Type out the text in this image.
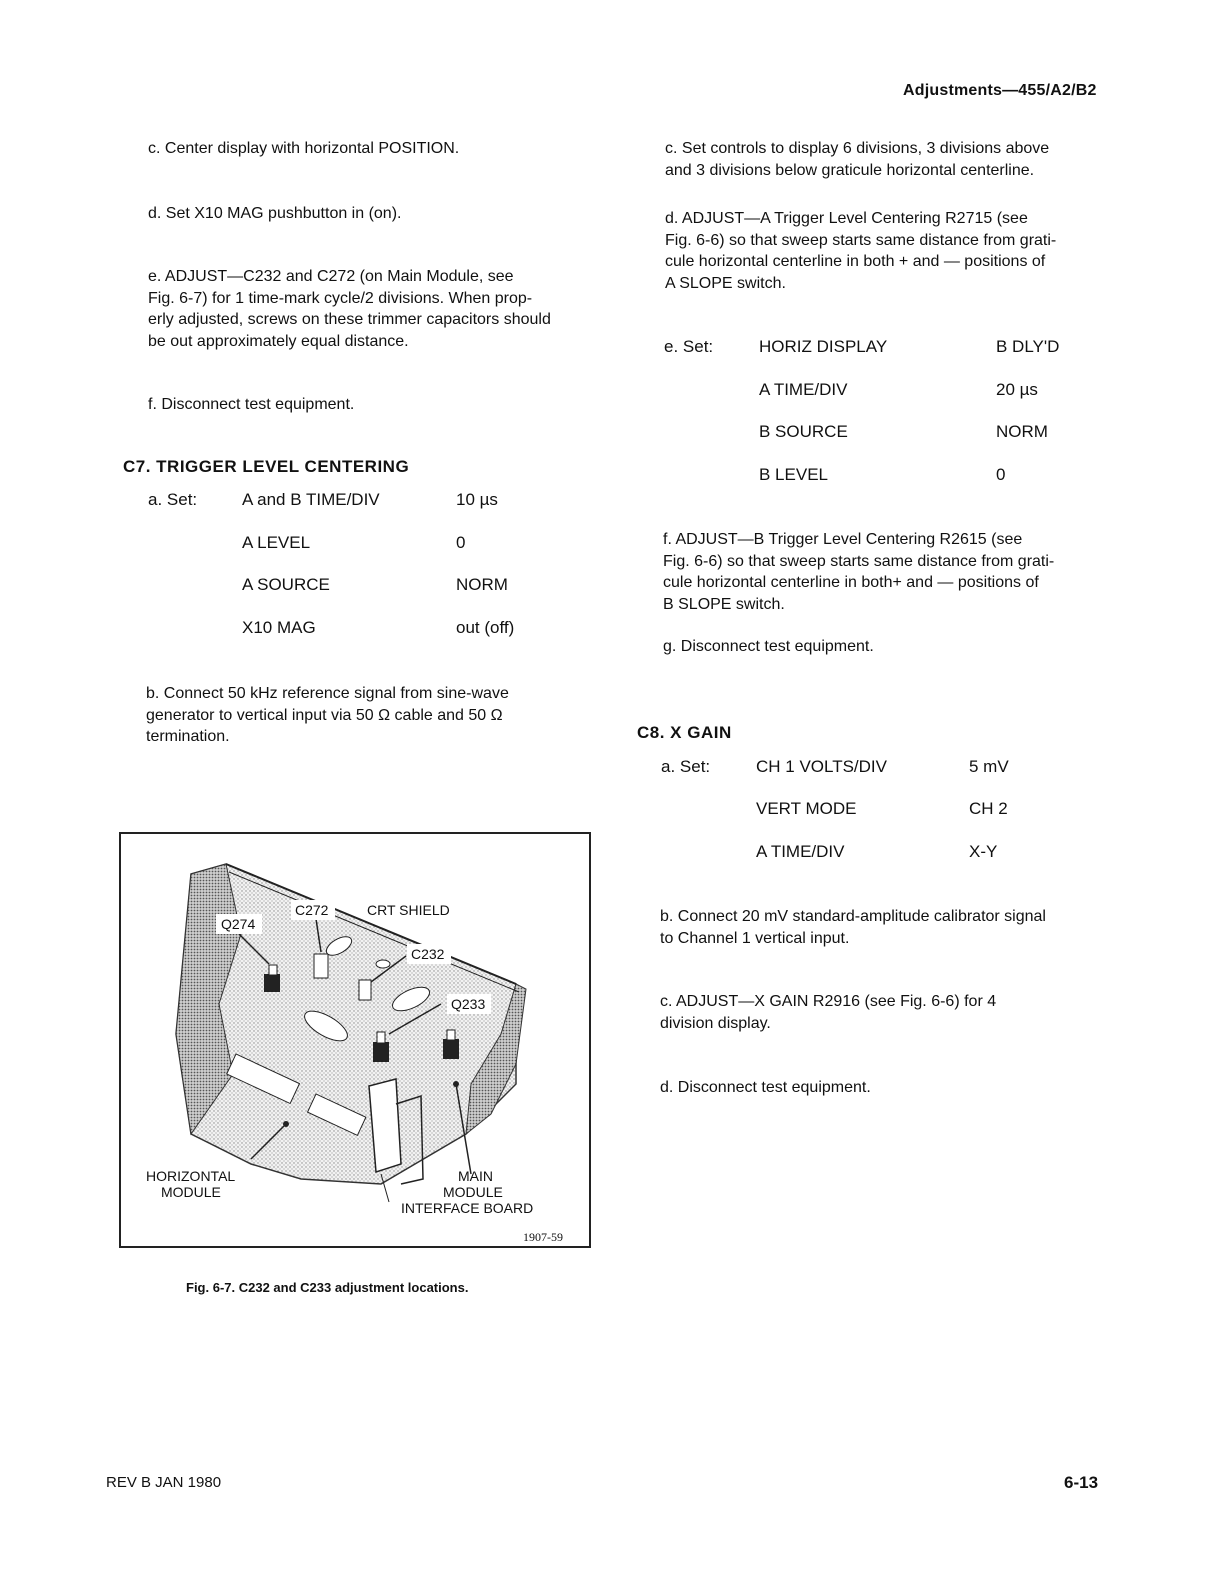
Adjustments—455/A2/B2
c. Center display with horizontal POSITION.
d. Set X10 MAG pushbutton in (on).
e. ADJUST—C232 and C272 (on Main Module, see
Fig. 6-7) for 1 time-mark cycle/2 divisions. When prop-
erly adjusted, screws on these trimmer capacitors should
be out approximately equal distance.
f. Disconnect test equipment.
C7. TRIGGER LEVEL CENTERING
a. Set:	A and B TIME/DIV	10 µs
A LEVEL	0
A SOURCE	NORM
X10 MAG	out (off)
b. Connect 50 kHz reference signal from sine-wave
generator to vertical input via 50 Ω cable and 50 Ω
termination.
Q274
C272	CRT SHIELD
C232
Q233
HORIZONTAL
MODULE
MAIN
MODULE
INTERFACE BOARD
1907-59
Fig. 6-7. C232 and C233 adjustment locations.
c. Set controls to display 6 divisions, 3 divisions above
and 3 divisions below graticule horizontal centerline.
d. ADJUST—A Trigger Level Centering R2715 (see
Fig. 6-6) so that sweep starts same distance from grati-
cule horizontal centerline in both + and — positions of
A SLOPE switch.
e. Set:	HORIZ DISPLAY	B DLY'D
A TIME/DIV	20 µs
B SOURCE	NORM
B LEVEL	0
f. ADJUST—B Trigger Level Centering R2615 (see
Fig. 6-6) so that sweep starts same distance from grati-
cule horizontal centerline in both+ and — positions of
B SLOPE switch.
g. Disconnect test equipment.
C8. X GAIN
a. Set:	CH 1 VOLTS/DIV	5 mV
VERT MODE	CH 2
A TIME/DIV	X-Y
b. Connect 20 mV standard-amplitude calibrator signal
to Channel 1 vertical input.
c. ADJUST—X GAIN R2916 (see Fig. 6-6) for 4
division display.
d. Disconnect test equipment.
REV B JAN 1980	6-13
